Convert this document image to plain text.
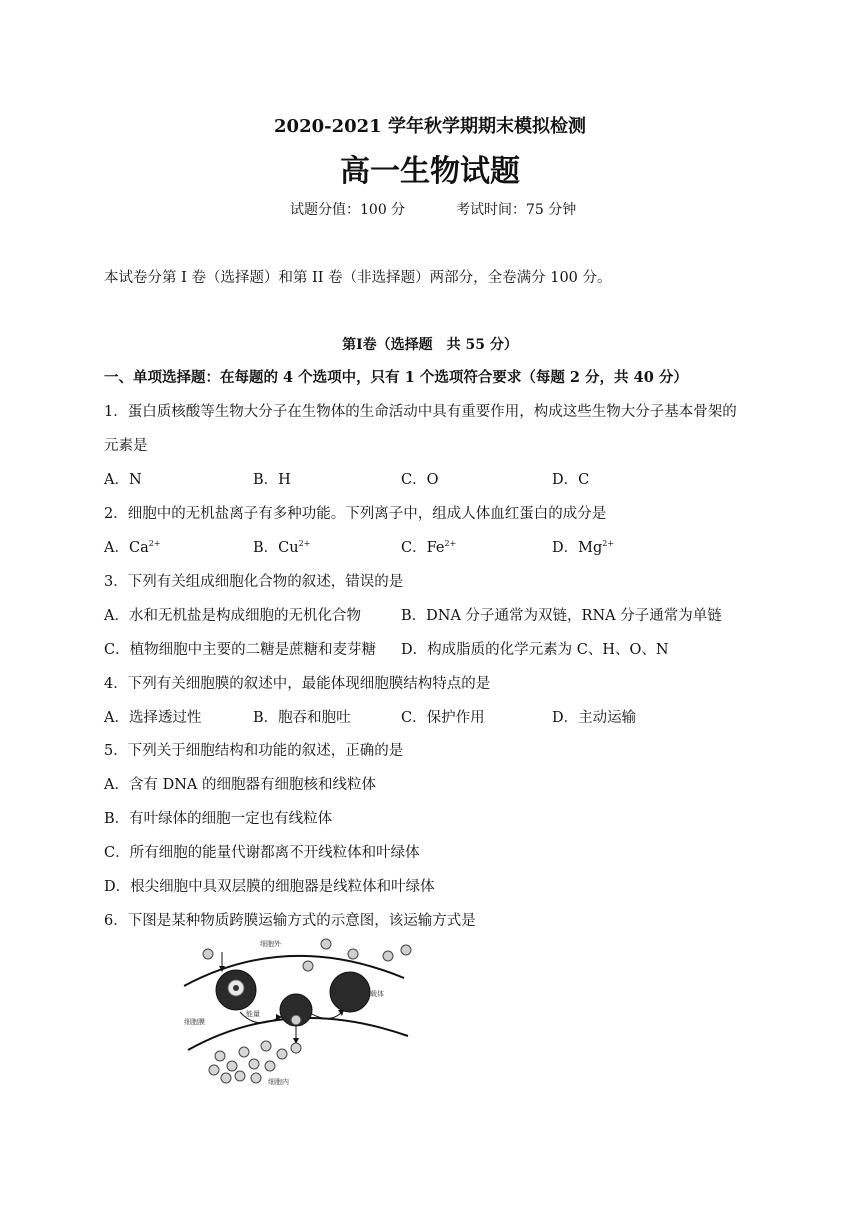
2020-2021 学年秋学期期末模拟检测
高一生物试题
试题分值：100 分	考试时间：75 分钟
本试卷分第 I 卷（选择题）和第 II 卷（非选择题）两部分，全卷满分 100 分。
第I卷（选择题　共 55 分）
一、单项选择题：在每题的 4 个选项中，只有 1 个选项符合要求（每题 2 分，共 40 分）
1．蛋白质核酸等生物大分子在生物体的生命活动中具有重要作用，构成这些生物大分子基本骨架的
元素是
A．N	B．H	C．O	D．C
2．细胞中的无机盐离子有多种功能。下列离子中，组成人体血红蛋白的成分是
A．$Ca^{2+}$	B．$Cu^{2+}$	C．$Fe^{2+}$	D．$Mg^{2+}$
3．下列有关组成细胞化合物的叙述，错误的是
A．水和无机盐是构成细胞的无机化合物	B．DNA 分子通常为双链，RNA 分子通常为单链
C．植物细胞中主要的二糖是蔗糖和麦芽糖 D．构成脂质的化学元素为 C、H、O、N
4．下列有关细胞膜的叙述中，最能体现细胞膜结构特点的是
A．选择透过性	B．胞吞和胞吐	C．保护作用	D．主动运输
5．下列关于细胞结构和功能的叙述，正确的是
A．含有 DNA 的细胞器有细胞核和线粒体
B．有叶绿体的细胞一定也有线粒体
C．所有细胞的能量代谢都离不开线粒体和叶绿体
D．根尖细胞中具双层膜的细胞器是线粒体和叶绿体
6．下图是某种物质跨膜运输方式的示意图，该运输方式是
细胞外
载体
能量
细胞膜
细胞内
